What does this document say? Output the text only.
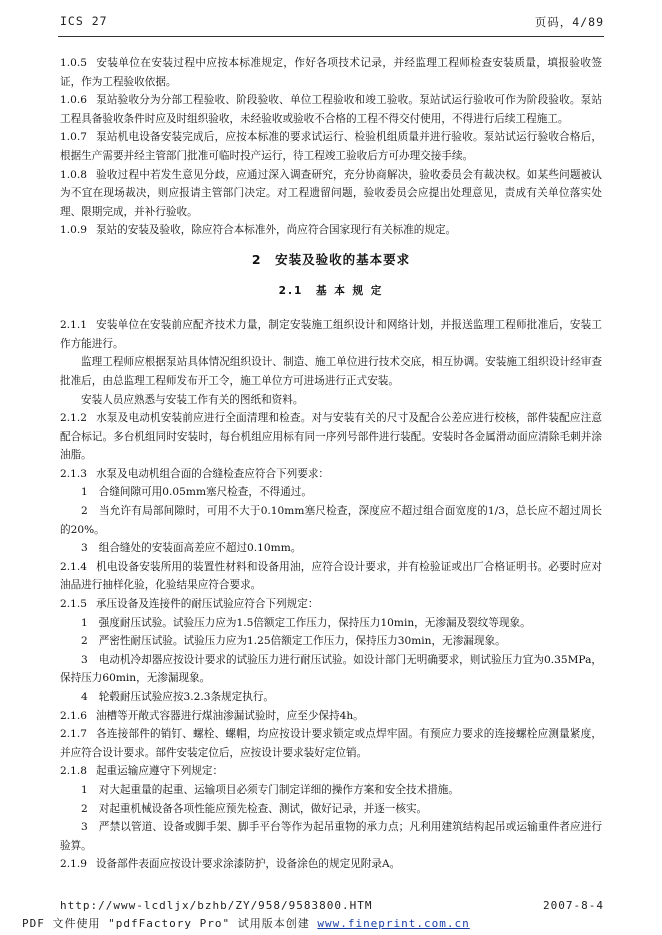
ICS 27	页码，4/89

1.0.5 安装单位在安装过程中应按本标准规定，作好各项技术记录，并经监理工程师检查安装质量，填报验收签证，作为工程验收依据。

1.0.6 泵站验收分为分部工程验收、阶段验收、单位工程验收和竣工验收。泵站试运行验收可作为阶段验收。泵站工程具备验收条件时应及时组织验收，未经验收或验收不合格的工程不得交付使用，不得进行后续工程施工。

1.0.7 泵站机电设备安装完成后，应按本标准的要求试运行、检验机组质量并进行验收。泵站试运行验收合格后，根据生产需要并经主管部门批准可临时投产运行，待工程竣工验收后方可办理交接手续。

1.0.8 验收过程中若发生意见分歧，应通过深入调查研究，充分协商解决，验收委员会有裁决权。如某些问题被认为不宜在现场裁决，则应报请主管部门决定。对工程遗留问题，验收委员会应提出处理意见，责成有关单位落实处理、限期完成，并补行验收。

1.0.9 泵站的安装及验收，除应符合本标准外，尚应符合国家现行有关标准的规定。

2　安装及验收的基本要求
2.1　基 本 规 定

2.1.1 安装单位在安装前应配齐技术力量，制定安装施工组织设计和网络计划，并报送监理工程师批准后，安装工作方能进行。

监理工程师应根据泵站具体情况组织设计、制造、施工单位进行技术交底，相互协调。安装施工组织设计经审查批准后，由总监理工程师发布开工令，施工单位方可进场进行正式安装。

安装人员应熟悉与安装工作有关的图纸和资料。

2.1.2 水泵及电动机安装前应进行全面清理和检查。对与安装有关的尺寸及配合公差应进行校核，部件装配应注意配合标记。多台机组同时安装时，每台机组应用标有同一序列号部件进行装配。安装时各金属滑动面应清除毛刺并涂油脂。

2.1.3 水泵及电动机组合面的合缝检查应符合下列要求：

1 合缝间隙可用0.05mm塞尺检查，不得通过。

2 当允许有局部间隙时，可用不大于0.10mm塞尺检查，深度应不超过组合面宽度的1/3，总长应不超过周长的20%。

3 组合缝处的安装面高差应不超过0.10mm。

2.1.4 机电设备安装所用的装置性材料和设备用油，应符合设计要求，并有检验证或出厂合格证明书。必要时应对油品进行抽样化验，化验结果应符合要求。

2.1.5 承压设备及连接件的耐压试验应符合下列规定：

1 强度耐压试验。试验压力应为1.5倍额定工作压力，保持压力10min，无渗漏及裂纹等现象。

2 严密性耐压试验。试验压力应为1.25倍额定工作压力，保持压力30min，无渗漏现象。

3 电动机冷却器应按设计要求的试验压力进行耐压试验。如设计部门无明确要求，则试验压力宜为0.35MPa，保持压力60min，无渗漏现象。

4 轮毂耐压试验应按3.2.3条规定执行。

2.1.6 油槽等开敞式容器进行煤油渗漏试验时，应至少保持4h。

2.1.7 各连接部件的销钉、螺栓、螺帽，均应按设计要求锁定或点焊牢固。有预应力要求的连接螺栓应测量紧度，并应符合设计要求。部件安装定位后，应按设计要求装好定位销。

2.1.8 起重运输应遵守下列规定：

1 对大起重量的起重、运输项目必须专门制定详细的操作方案和安全技术措施。

2 对起重机械设备各项性能应预先检查、测试，做好记录，并逐一核实。

3 严禁以管道、设备或脚手架、脚手平台等作为起吊重物的承力点；凡利用建筑结构起吊或运输重件者应进行验算。

2.1.9 设备部件表面应按设计要求涂漆防护，设备涂色的规定见附录A。

http://www-lcdljx/bzhb/ZY/958/9583800.HTM	2007-8-4
PDF 文件使用 "pdfFactory Pro" 试用版本创建 www.fineprint.com.cn
